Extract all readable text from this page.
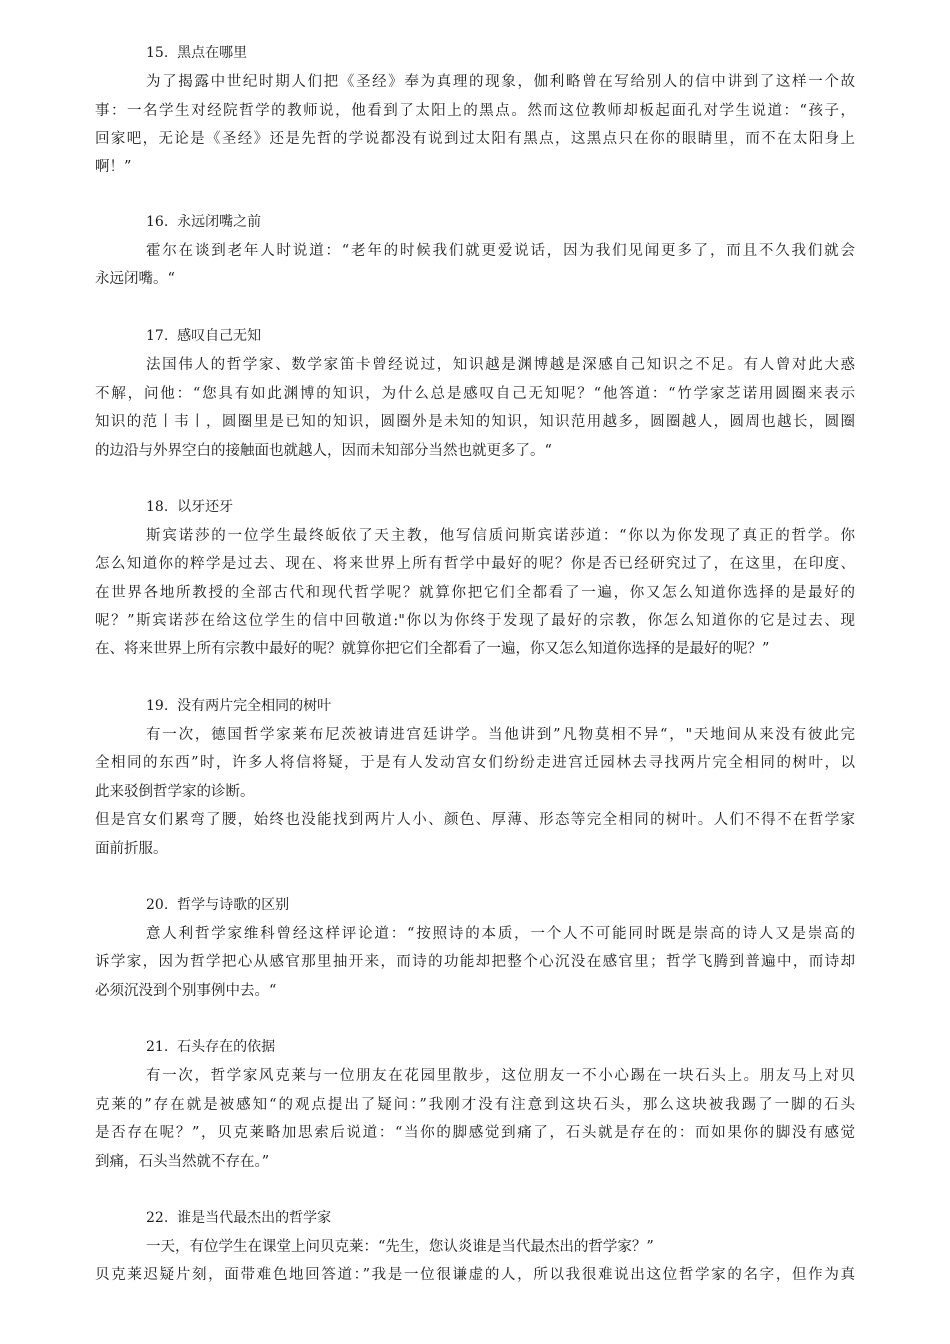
15. 黑点在哪里
为了揭露中世纪时期人们把《圣经》奉为真理的现象，伽利略曾在写给别人的信中讲到了这样一个故
事：一名学生对经院哲学的教师说，他看到了太阳上的黑点。然而这位教师却板起面孔对学生说道：“孩子，
回家吧，无论是《圣经》还是先哲的学说都没有说到过太阳有黑点，这黑点只在你的眼睛里，而不在太阳身上
啊！”
16. 永远闭嘴之前
霍尔在谈到老年人时说道：“老年的时候我们就更爱说话，因为我们见闻更多了，而且不久我们就会
永远闭嘴。“
17. 感叹自己无知
法国伟人的哲学家、数学家笛卡曾经说过，知识越是渊博越是深感自己知识之不足。有人曾对此大惑
不解，问他：“您具有如此渊博的知识，为什么总是感叹自己无知呢？“他答道：“竹学家芝诺用圆圈来表示
知识的范丨韦丨，圆圈里是已知的知识，圆圈外是未知的知识，知识范用越多，圆圈越人，圆周也越长，圆圈
的边沿与外界空白的接触面也就越人，因而未知部分当然也就更多了。“
18. 以牙还牙
斯宾诺莎的一位学生最终皈依了天主教，他写信质问斯宾诺莎道：“你以为你发现了真正的哲学。你
怎么知道你的粹学是过去、现在、将来世界上所有哲学中最好的呢？你是否已经研究过了，在这里，在印度、
在世界各地所教授的全部古代和现代哲学呢？就算你把它们全都看了一遍，你又怎么知道你选择的是最好的
呢？”斯宾诺莎在给这位学生的信中回敬道:"你以为你终于发现了最好的宗教，你怎么知道你的它是过去、现
在、将来世界上所有宗教中最好的呢？就算你把它们全都看了一遍，你又怎么知道你选择的是最好的呢？”
19. 没有两片完全相同的树叶
有一次，德国哲学家莱布尼茨被请进宫廷讲学。当他讲到”凡物莫相不异“，"天地间从来没有彼此完
全相同的东西”时，许多人将信将疑，于是有人发动宫女们纷纷走进宫迁园林去寻找两片完全相同的树叶，以
此来驳倒哲学家的诊断。
但是宫女们累弯了腰，始终也没能找到两片人小、颜色、厚薄、形态等完全相同的树叶。人们不得不在哲学家
面前折服。
20. 哲学与诗歌的区别
意人利哲学家维科曾经这样评论道：“按照诗的本质，一个人不可能同时既是崇高的诗人又是崇高的
诉学家，因为哲学把心从感官那里抽开来，而诗的功能却把整个心沉没在感官里；哲学飞腾到普遍中，而诗却
必须沉没到个别事例中去。“
21. 石头存在的依据
有一次，哲学家风克莱与一位朋友在花园里散步，这位朋友一不小心踢在一块石头上。朋友马上对贝
克莱的”存在就是被感知“的观点提出了疑问：”我刚才没有注意到这块石头，那么这块被我踢了一脚的石头
是否存在呢？”，贝克莱略加思索后说道：“当你的脚感觉到痛了，石头就是存在的：而如果你的脚没有感觉
到痛，石头当然就不存在。”
22. 谁是当代最杰出的哲学家
一天，有位学生在课堂上问贝克莱：“先生，您认炎谁是当代最杰出的哲学家？”
贝克莱迟疑片刻，面带难色地回答道：”我是一位很谦虚的人，所以我很难说出这位哲学家的名字，但作为真
